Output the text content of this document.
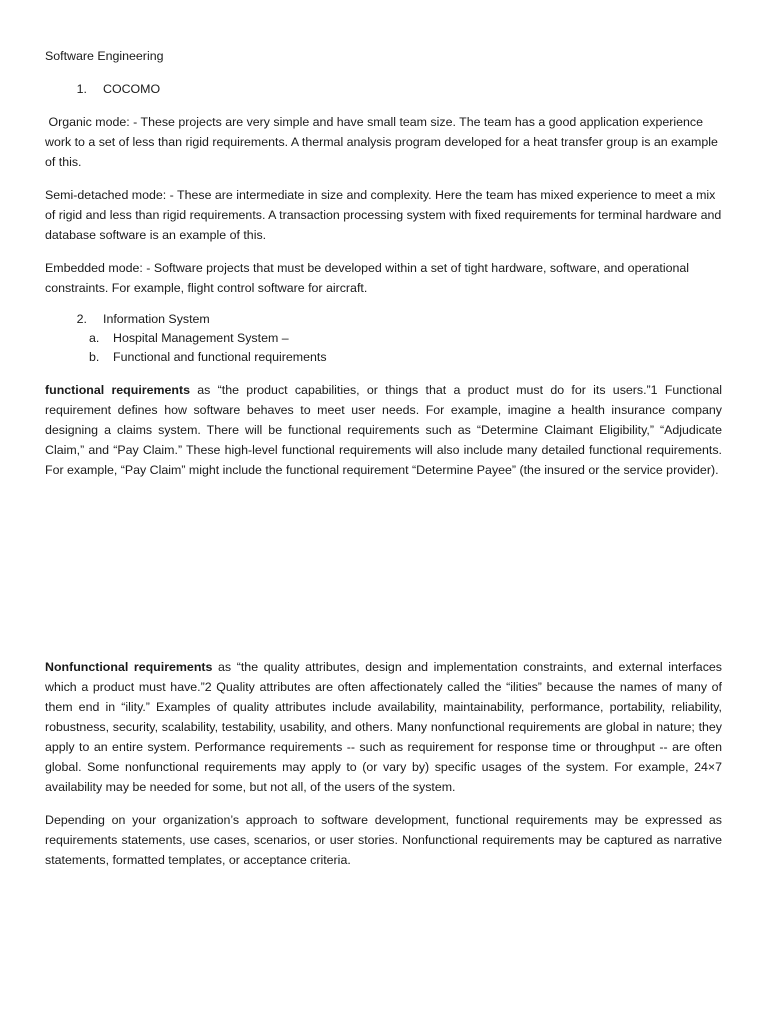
Software Engineering

1. COCOMO

Organic mode: - These projects are very simple and have small team size. The team has a good application experience work to a set of less than rigid requirements. A thermal analysis program developed for a heat transfer group is an example of this.

Semi-detached mode: - These are intermediate in size and complexity. Here the team has mixed experience to meet a mix of rigid and less than rigid requirements. A transaction processing system with fixed requirements for terminal hardware and database software is an example of this.

Embedded mode: - Software projects that must be developed within a set of tight hardware, software, and operational constraints. For example, flight control software for aircraft.

2. Information System

a. Hospital Management System –

b. Functional and functional requirements

functional requirements as “the product capabilities, or things that a product must do for its users.”1 Functional requirement defines how software behaves to meet user needs. For example, imagine a health insurance company designing a claims system. There will be functional requirements such as “Determine Claimant Eligibility,” “Adjudicate Claim,” and “Pay Claim.” These high-level functional requirements will also include many detailed functional requirements. For example, “Pay Claim” might include the functional requirement “Determine Payee” (the insured or the service provider).

Nonfunctional requirements as “the quality attributes, design and implementation constraints, and external interfaces which a product must have.”2 Quality attributes are often affectionately called the “ilities” because the names of many of them end in “ility.” Examples of quality attributes include availability, maintainability, performance, portability, reliability, robustness, security, scalability, testability, usability, and others. Many nonfunctional requirements are global in nature; they apply to an entire system. Performance requirements -- such as requirement for response time or throughput -- are often global. Some nonfunctional requirements may apply to (or vary by) specific usages of the system. For example, 24×7 availability may be needed for some, but not all, of the users of the system.

Depending on your organization’s approach to software development, functional requirements may be expressed as requirements statements, use cases, scenarios, or user stories. Nonfunctional requirements may be captured as narrative statements, formatted templates, or acceptance criteria.
